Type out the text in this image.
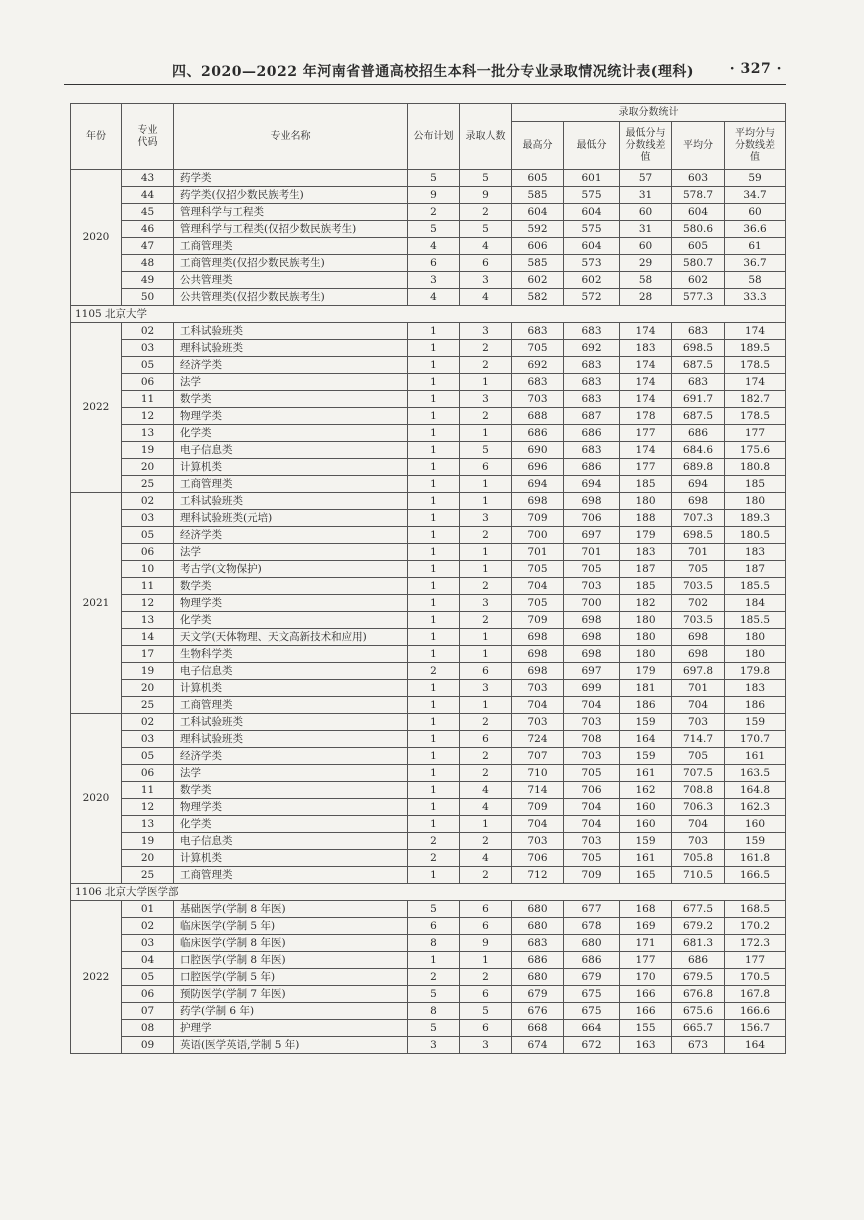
四、2020—2022 年河南省普通高校招生本科一批分专业录取情况统计表(理科)	· 327 ·
年份	专业代码	专业名称	公布计划	录取人数	录取分数统计				
					最高分	最低分	最低分与分数线差值	平均分	平均分与分数线差值
2020	43	药学类	5	5	605	601	57	603	59
	44	药学类(仅招少数民族考生)	9	9	585	575	31	578.7	34.7
	45	管理科学与工程类	2	2	604	604	60	604	60
	46	管理科学与工程类(仅招少数民族考生)	5	5	592	575	31	580.6	36.6
	47	工商管理类	4	4	606	604	60	605	61
	48	工商管理类(仅招少数民族考生)	6	6	585	573	29	580.7	36.7
	49	公共管理类	3	3	602	602	58	602	58
	50	公共管理类(仅招少数民族考生)	4	4	582	572	28	577.3	33.3
1105 北京大学									
2022	02	工科试验班类	1	3	683	683	174	683	174
	03	理科试验班类	1	2	705	692	183	698.5	189.5
	05	经济学类	1	2	692	683	174	687.5	178.5
	06	法学	1	1	683	683	174	683	174
	11	数学类	1	3	703	683	174	691.7	182.7
	12	物理学类	1	2	688	687	178	687.5	178.5
	13	化学类	1	1	686	686	177	686	177
	19	电子信息类	1	5	690	683	174	684.6	175.6
	20	计算机类	1	6	696	686	177	689.8	180.8
	25	工商管理类	1	1	694	694	185	694	185
2021	02	工科试验班类	1	1	698	698	180	698	180
	03	理科试验班类(元培)	1	3	709	706	188	707.3	189.3
	05	经济学类	1	2	700	697	179	698.5	180.5
	06	法学	1	1	701	701	183	701	183
	10	考古学(文物保护)	1	1	705	705	187	705	187
	11	数学类	1	2	704	703	185	703.5	185.5
	12	物理学类	1	3	705	700	182	702	184
	13	化学类	1	2	709	698	180	703.5	185.5
	14	天文学(天体物理、天文高新技术和应用)	1	1	698	698	180	698	180
	17	生物科学类	1	1	698	698	180	698	180
	19	电子信息类	2	6	698	697	179	697.8	179.8
	20	计算机类	1	3	703	699	181	701	183
	25	工商管理类	1	1	704	704	186	704	186
2020	02	工科试验班类	1	2	703	703	159	703	159
	03	理科试验班类	1	6	724	708	164	714.7	170.7
	05	经济学类	1	2	707	703	159	705	161
	06	法学	1	2	710	705	161	707.5	163.5
	11	数学类	1	4	714	706	162	708.8	164.8
	12	物理学类	1	4	709	704	160	706.3	162.3
	13	化学类	1	1	704	704	160	704	160
	19	电子信息类	2	2	703	703	159	703	159
	20	计算机类	2	4	706	705	161	705.8	161.8
	25	工商管理类	1	2	712	709	165	710.5	166.5
1106 北京大学医学部									
2022	01	基础医学(学制 8 年医)	5	6	680	677	168	677.5	168.5
	02	临床医学(学制 5 年)	6	6	680	678	169	679.2	170.2
	03	临床医学(学制 8 年医)	8	9	683	680	171	681.3	172.3
	04	口腔医学(学制 8 年医)	1	1	686	686	177	686	177
	05	口腔医学(学制 5 年)	2	2	680	679	170	679.5	170.5
	06	预防医学(学制 7 年医)	5	6	679	675	166	676.8	167.8
	07	药学(学制 6 年)	8	5	676	675	166	675.6	166.6
	08	护理学	5	6	668	664	155	665.7	156.7
	09	英语(医学英语,学制 5 年)	3	3	674	672	163	673	164
